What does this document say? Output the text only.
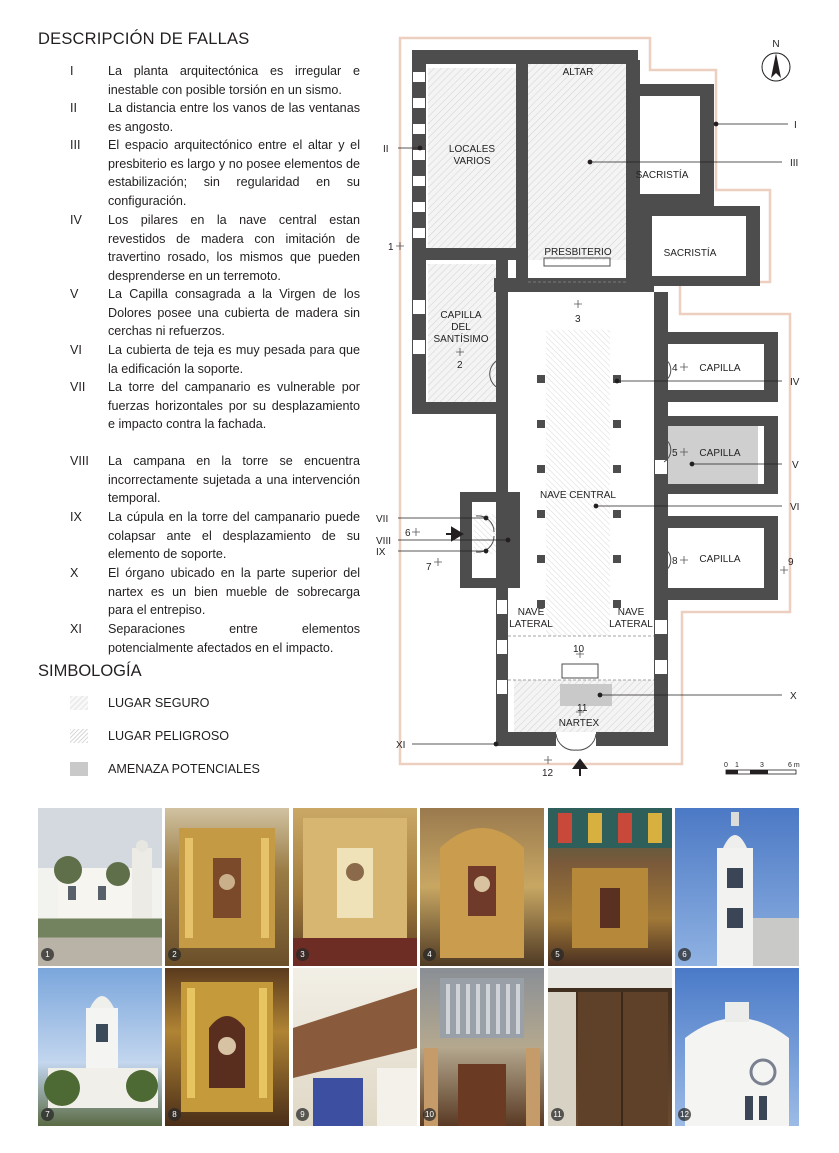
DESCRIPCIÓN DE FALLAS
I	La planta arquitectónica es irregular e inestable con posible torsión en un sismo.
II	La distancia entre los vanos de las ventanas es angosto.
III	El espacio arquitectónico entre el altar y el presbiterio es largo y no posee elementos de estabilización; sin regularidad en su configuración.
IV	Los pilares en la nave central estan revestidos de madera con imitación de travertino rosado, los mismos que pueden desprenderse en un terremoto.
V	La Capilla consagrada a la Virgen de los Dolores posee una cubierta de madera sin cerchas ni refuerzos.
VI	La cubierta de teja es muy pesada para que la edificación la soporte.
VII	La torre del campanario es vulnerable por fuerzas horizontales por su desplazamiento e impacto contra la fachada.
VIII	La campana en la torre se encuentra incorrectamente sujetada a una intervención temporal.
IX	La cúpula en la torre del campanario puede colapsar ante el desplazamiento de su elemento de soporte.
X	El órgano ubicado en la parte superior del nartex es un bien mueble de sobrecarga para el entrepiso.
XI	Separaciones entre elementos potencialmente afectados en el impacto.
SIMBOLOGÍA
LUGAR SEGURO
LUGAR PELIGROSO
AMENAZA POTENCIALES
ALTAR
LOCALES
VARIOS
SACRISTÍA
SACRISTÍA
PRESBITERIO
CAPILLA
DEL
SANTÍSIMO
CAPILLA
CAPILLA
CAPILLA
NAVE CENTRAL
NAVE
LATERAL
NAVE
LATERAL
NARTEX
I
II
III
IV
V
VI
VII
VIII
IX
X
XI
1
2
3
4
5
6
7
8	9
10
11
12
N
0 1	3	6 m
1	2	3	4	5	6
7	8	9	10	11	12
